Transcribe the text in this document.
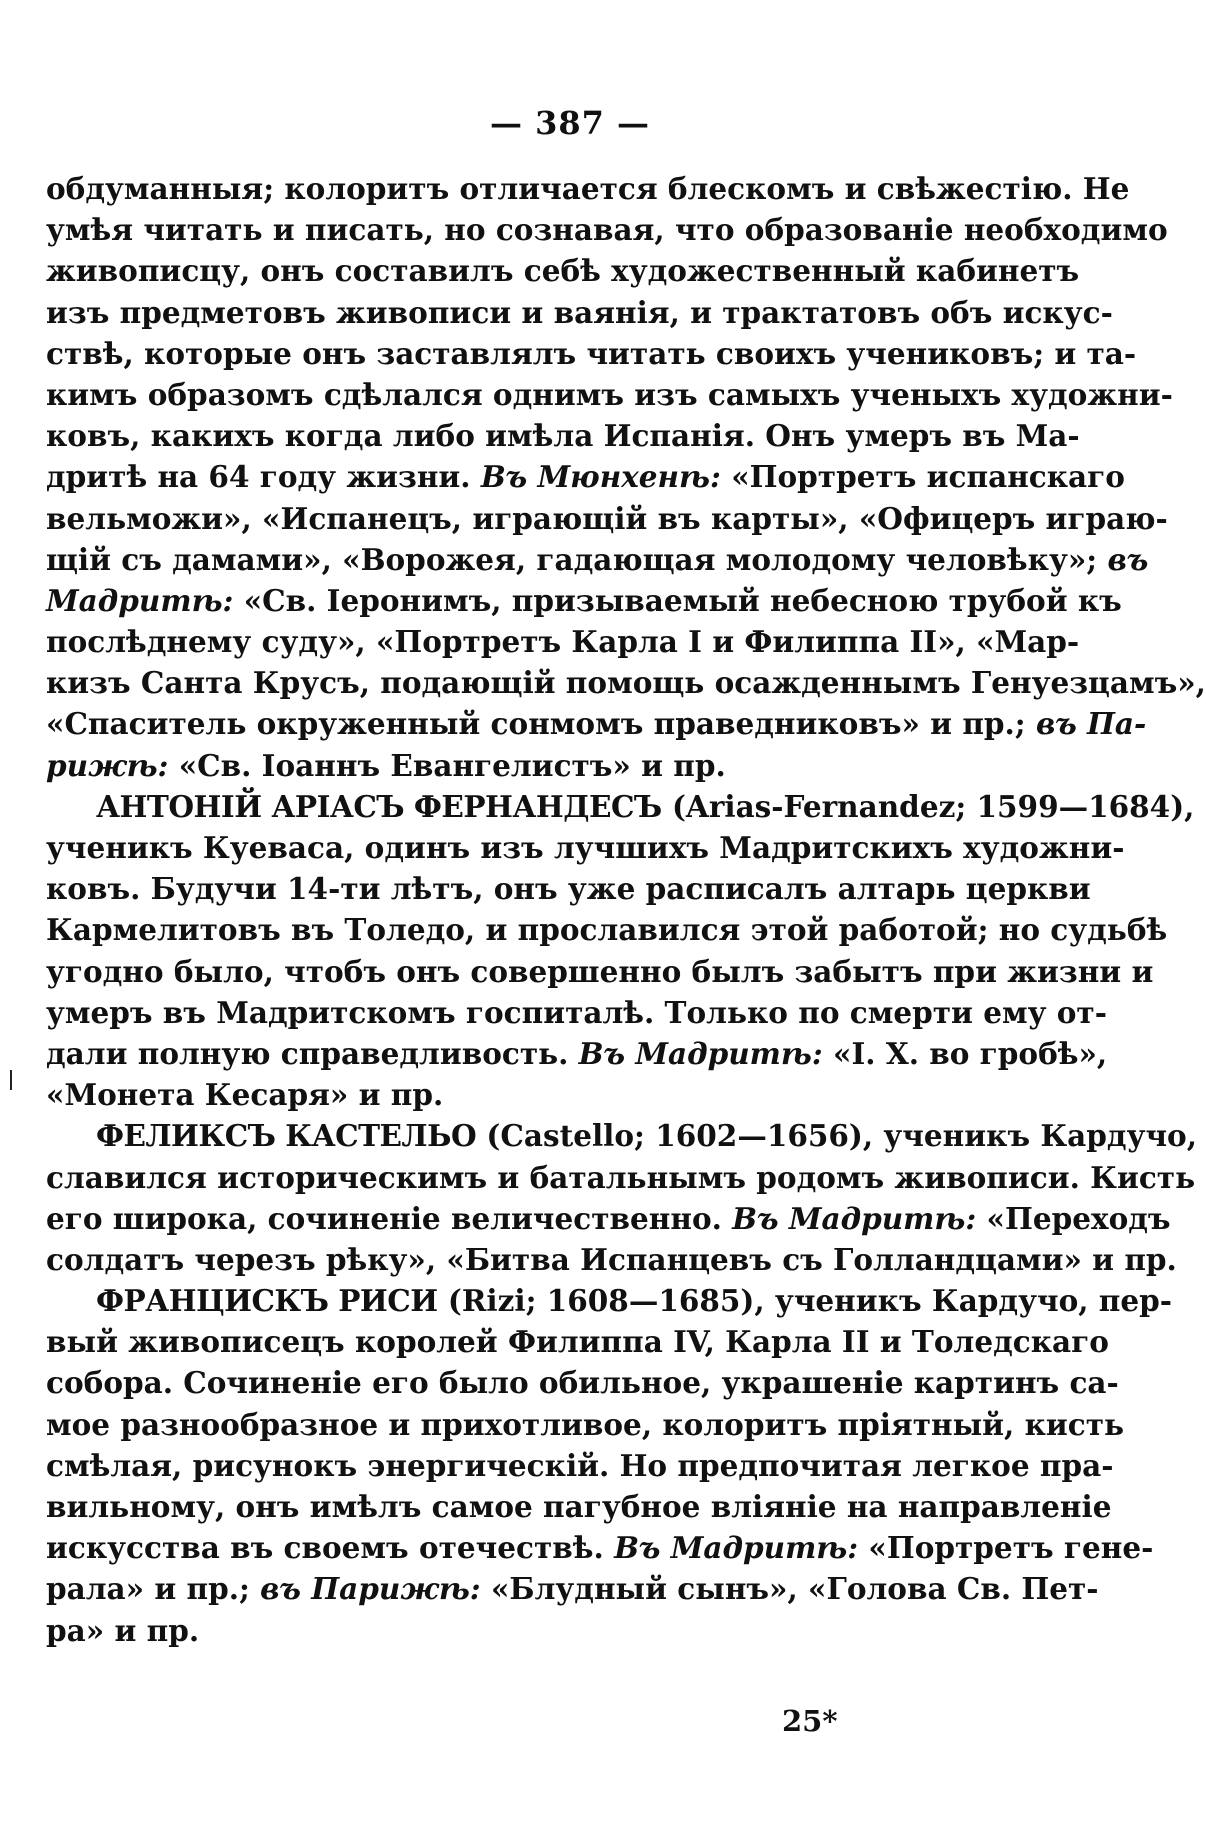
— 387 —
обдуманныя; колоритъ отличается блескомъ и свѣжестію. Не
умѣя читать и писать, но сознавая, что образованіе необходимо
живописцу, онъ составилъ себѣ художественный кабинетъ
изъ предметовъ живописи и ваянія, и трактатовъ объ искус-
ствѣ, которые онъ заставлялъ читать своихъ учениковъ; и та-
кимъ образомъ сдѣлался однимъ изъ самыхъ ученыхъ художни-
ковъ, какихъ когда либо имѣла Испанія. Онъ умеръ въ Ма-
дритѣ на 64 году жизни. Въ Мюнхенѣ: «Портретъ испанскаго
вельможи», «Испанецъ, играющій въ карты», «Офицеръ играю-
щій съ дамами», «Ворожея, гадающая молодому человѣку»; въ
Мадритѣ: «Св. Іеронимъ, призываемый небесною трубой къ
послѣднему суду», «Портретъ Карла I и Филиппа II», «Мар-
кизъ Санта Крусъ, подающій помощь осажденнымъ Генуезцамъ»,
«Спаситель окруженный сонмомъ праведниковъ» и пр.; въ Па-
рижѣ: «Св. Іоаннъ Евангелистъ» и пр.
АНТОНІЙ АРІАСЪ ФЕРНАНДЕСЪ (Arias-Fernandez; 1599—1684),
ученикъ Куеваса, одинъ изъ лучшихъ Мадритскихъ художни-
ковъ. Будучи 14-ти лѣтъ, онъ уже расписалъ алтарь церкви
Кармелитовъ въ Толедо, и прославился этой работой; но судьбѣ
угодно было, чтобъ онъ совершенно былъ забытъ при жизни и
умеръ въ Мадритскомъ госпиталѣ. Только по смерти ему от-
дали полную справедливость. Въ Мадритѣ: «I. Х. во гробѣ»,
«Монета Кесаря» и пр.
ФЕЛИКСЪ КАСТЕЛЬО (Castello; 1602—1656), ученикъ Кардучо,
славился историческимъ и батальнымъ родомъ живописи. Кисть
его широка, сочиненіе величественно. Въ Мадритѣ: «Переходъ
солдатъ черезъ рѣку», «Битва Испанцевъ съ Голландцами» и пр.
ФРАНЦИСКЪ РИСИ (Rizi; 1608—1685), ученикъ Кардучо, пер-
вый живописецъ королей Филиппа IV, Карла II и Толедскаго
собора. Сочиненіе его было обильное, украшеніе картинъ са-
мое разнообразное и прихотливое, колоритъ пріятный, кисть
смѣлая, рисунокъ энергическій. Но предпочитая легкое пра-
вильному, онъ имѣлъ самое пагубное вліяніе на направленіе
искусства въ своемъ отечествѣ. Въ Мадритѣ: «Портретъ гене-
рала» и пр.; въ Парижѣ: «Блудный сынъ», «Голова Св. Пет-
ра» и пр.
25*
